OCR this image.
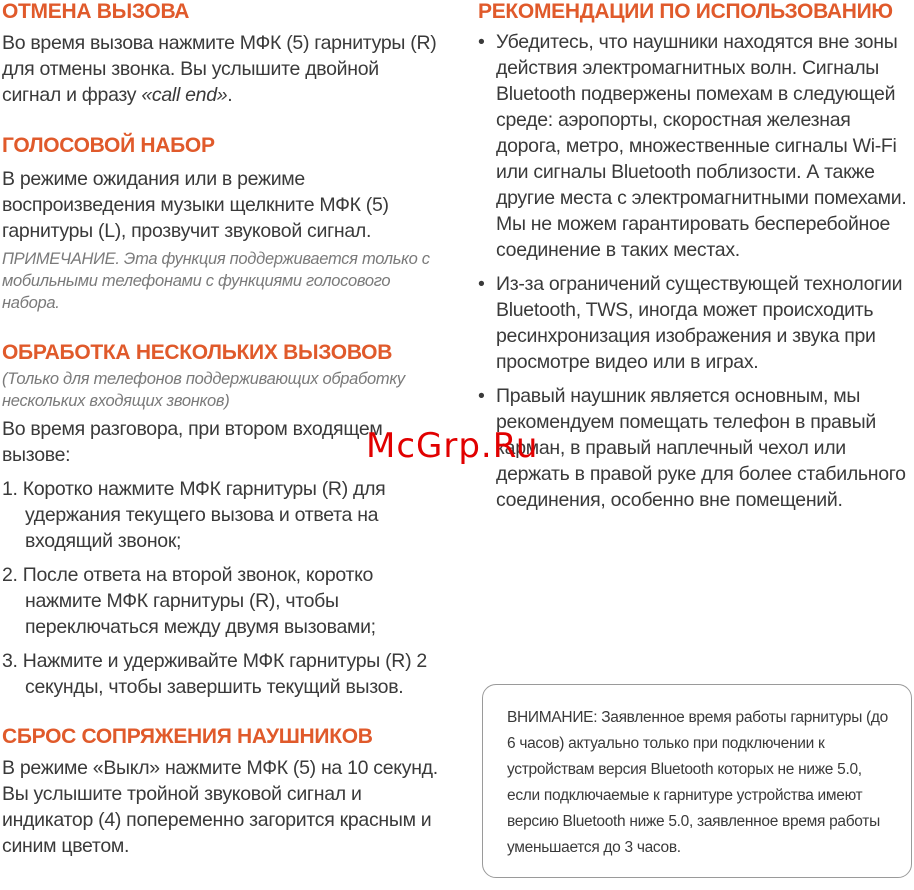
ОТМЕНА ВЫЗОВА

Во время вызова нажмите МФК (5) гарнитуры (R) для отмены звонка. Вы услышите двойной сигнал и фразу «call end».

ГОЛОСОВОЙ НАБОР

В режиме ожидания или в режиме воспроизведения музыки щелкните МФК (5) гарнитуры (L), прозвучит звуковой сигнал.

ПРИМЕЧАНИЕ. Эта функция поддерживается только с мобильными телефонами с функциями голосового набора.

ОБРАБОТКА НЕСКОЛЬКИХ ВЫЗОВОВ

(Только для телефонов поддерживающих обработку нескольких входящих звонков)

Во время разговора, при втором входящем вызове:

1. Коротко нажмите МФК гарнитуры (R) для удержания текущего вызова и ответа на входящий звонок;

2. После ответа на второй звонок, коротко нажмите МФК гарнитуры (R), чтобы переключаться между двумя вызовами;

3. Нажмите и удерживайте МФК гарнитуры (R) 2 секунды, чтобы завершить текущий вызов.

СБРОС СОПРЯЖЕНИЯ НАУШНИКОВ

В режиме «Выкл» нажмите МФК (5) на 10 секунд. Вы услышите тройной звуковой сигнал и индикатор (4) попеременно загорится красным и синим цветом.

РЕКОМЕНДАЦИИ ПО ИСПОЛЬЗОВАНИЮ

• Убедитесь, что наушники находятся вне зоны действия электромагнитных волн. Сигналы Bluetooth подвержены помехам в следующей среде: аэропорты, скоростная железная дорога, метро, множественные сигналы Wi-Fi или сигналы Bluetooth поблизости. А также другие места с электромагнитными помехами. Мы не можем гарантировать бесперебойное соединение в таких местах.

• Из-за ограничений существующей технологии Bluetooth, TWS, иногда может происходить ресинхронизация изображения и звука при просмотре видео или в играх.

• Правый наушник является основным, мы рекомендуем помещать телефон в правый карман, в правый наплечный чехол или держать в правой руке для более стабильного соединения, особенно вне помещений.

ВНИМАНИЕ: Заявленное время работы гарнитуры (до 6 часов) актуально только при подключении к устройствам версия Bluetooth которых не ниже 5.0, если подключаемые к гарнитуре устройства имеют версию Bluetooth ниже 5.0, заявленное время работы уменьшается до 3 часов.

McGrp.Ru
